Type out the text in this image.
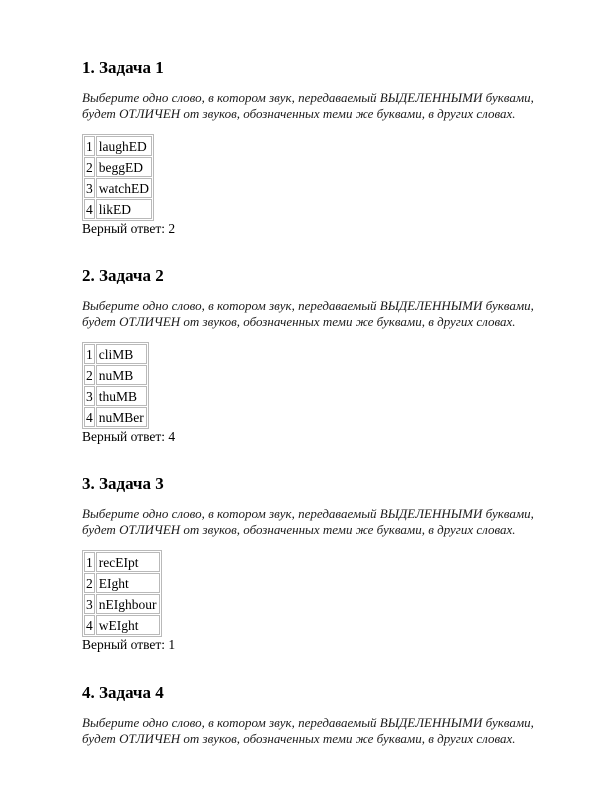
1. Задача 1

Выберите одно слово, в котором звук, передаваемый ВЫДЕЛЕННЫМИ буквами, будет ОТЛИЧЕН от звуков, обозначенных теми же буквами, в других словах.

1	laughED
2	beggED
3	watchED
4	likED
Верный ответ: 2
2. Задача 2

Выберите одно слово, в котором звук, передаваемый ВЫДЕЛЕННЫМИ буквами, будет ОТЛИЧЕН от звуков, обозначенных теми же буквами, в других словах.

1	cliMB
2	nuMB
3	thuMB
4	nuMBer
Верный ответ: 4
3. Задача 3

Выберите одно слово, в котором звук, передаваемый ВЫДЕЛЕННЫМИ буквами, будет ОТЛИЧЕН от звуков, обозначенных теми же буквами, в других словах.

1	recEIpt
2	EIght
3	nEIghbour
4	wEIght
Верный ответ: 1
4. Задача 4

Выберите одно слово, в котором звук, передаваемый ВЫДЕЛЕННЫМИ буквами, будет ОТЛИЧЕН от звуков, обозначенных теми же буквами, в других словах.
